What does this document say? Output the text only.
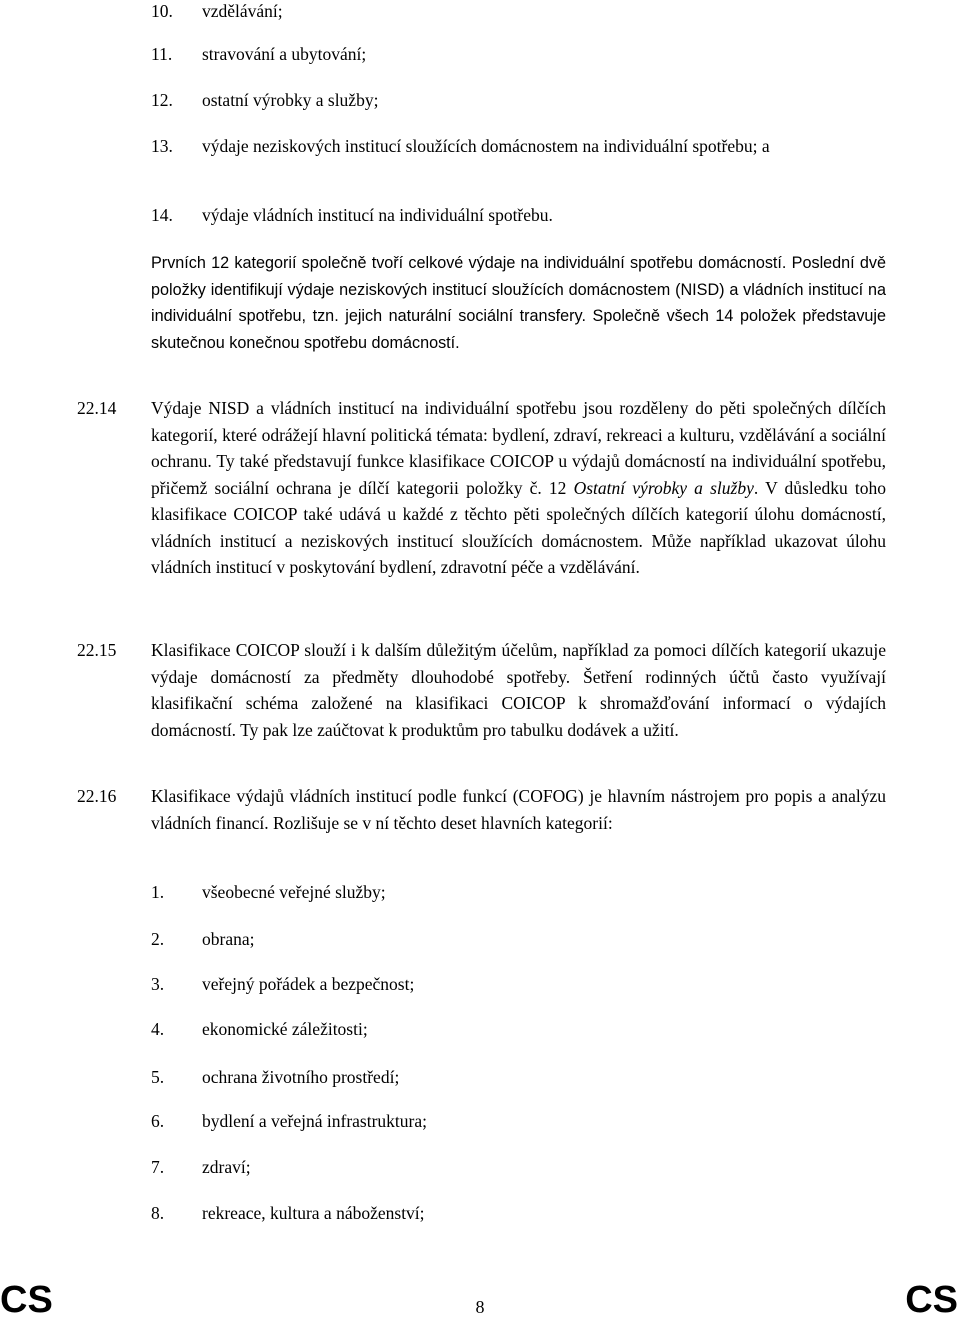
10.	vzdělávání;
11.	stravování a ubytování;
12.	ostatní výrobky a služby;
13.	výdaje neziskových institucí sloužících domácnostem na individuální spotřebu; a
14.	výdaje vládních institucí na individuální spotřebu.

Prvních 12 kategorií společně tvoří celkové výdaje na individuální spotřebu domácností. Poslední dvě položky identifikují výdaje neziskových institucí sloužících domácnostem (NISD) a vládních institucí na individuální spotřebu, tzn. jejich naturální sociální transfery. Společně všech 14 položek představuje skutečnou konečnou spotřebu domácností.

22.14 Výdaje NISD a vládních institucí na individuální spotřebu jsou rozděleny do pěti společných dílčích kategorií, které odrážejí hlavní politická témata: bydlení, zdraví, rekreaci a kulturu, vzdělávání a sociální ochranu. Ty také představují funkce klasifikace COICOP u výdajů domácností na individuální spotřebu, přičemž sociální ochrana je dílčí kategorii položky č. 12 Ostatní výrobky a služby. V důsledku toho klasifikace COICOP také udává u každé z těchto pěti společných dílčích kategorií úlohu domácností, vládních institucí a neziskových institucí sloužících domácnostem. Může například ukazovat úlohu vládních institucí v poskytování bydlení, zdravotní péče a vzdělávání.

22.15 Klasifikace COICOP slouží i k dalším důležitým účelům, například za pomoci dílčích kategorií ukazuje výdaje domácností za předměty dlouhodobé spotřeby. Šetření rodinných účtů často využívají klasifikační schéma založené na klasifikaci COICOP k shromažďování informací o výdajích domácností. Ty pak lze zaúčtovat k produktům pro tabulku dodávek a užití.

22.16 Klasifikace výdajů vládních institucí podle funkcí (COFOG) je hlavním nástrojem pro popis a analýzu vládních financí. Rozlišuje se v ní těchto deset hlavních kategorií:

1.	všeobecné veřejné služby;
2.	obrana;
3.	veřejný pořádek a bezpečnost;
4.	ekonomické záležitosti;
5.	ochrana životního prostředí;
6.	bydlení a veřejná infrastruktura;
7.	zdraví;
8.	rekreace, kultura a náboženství;
CS	8	CS
